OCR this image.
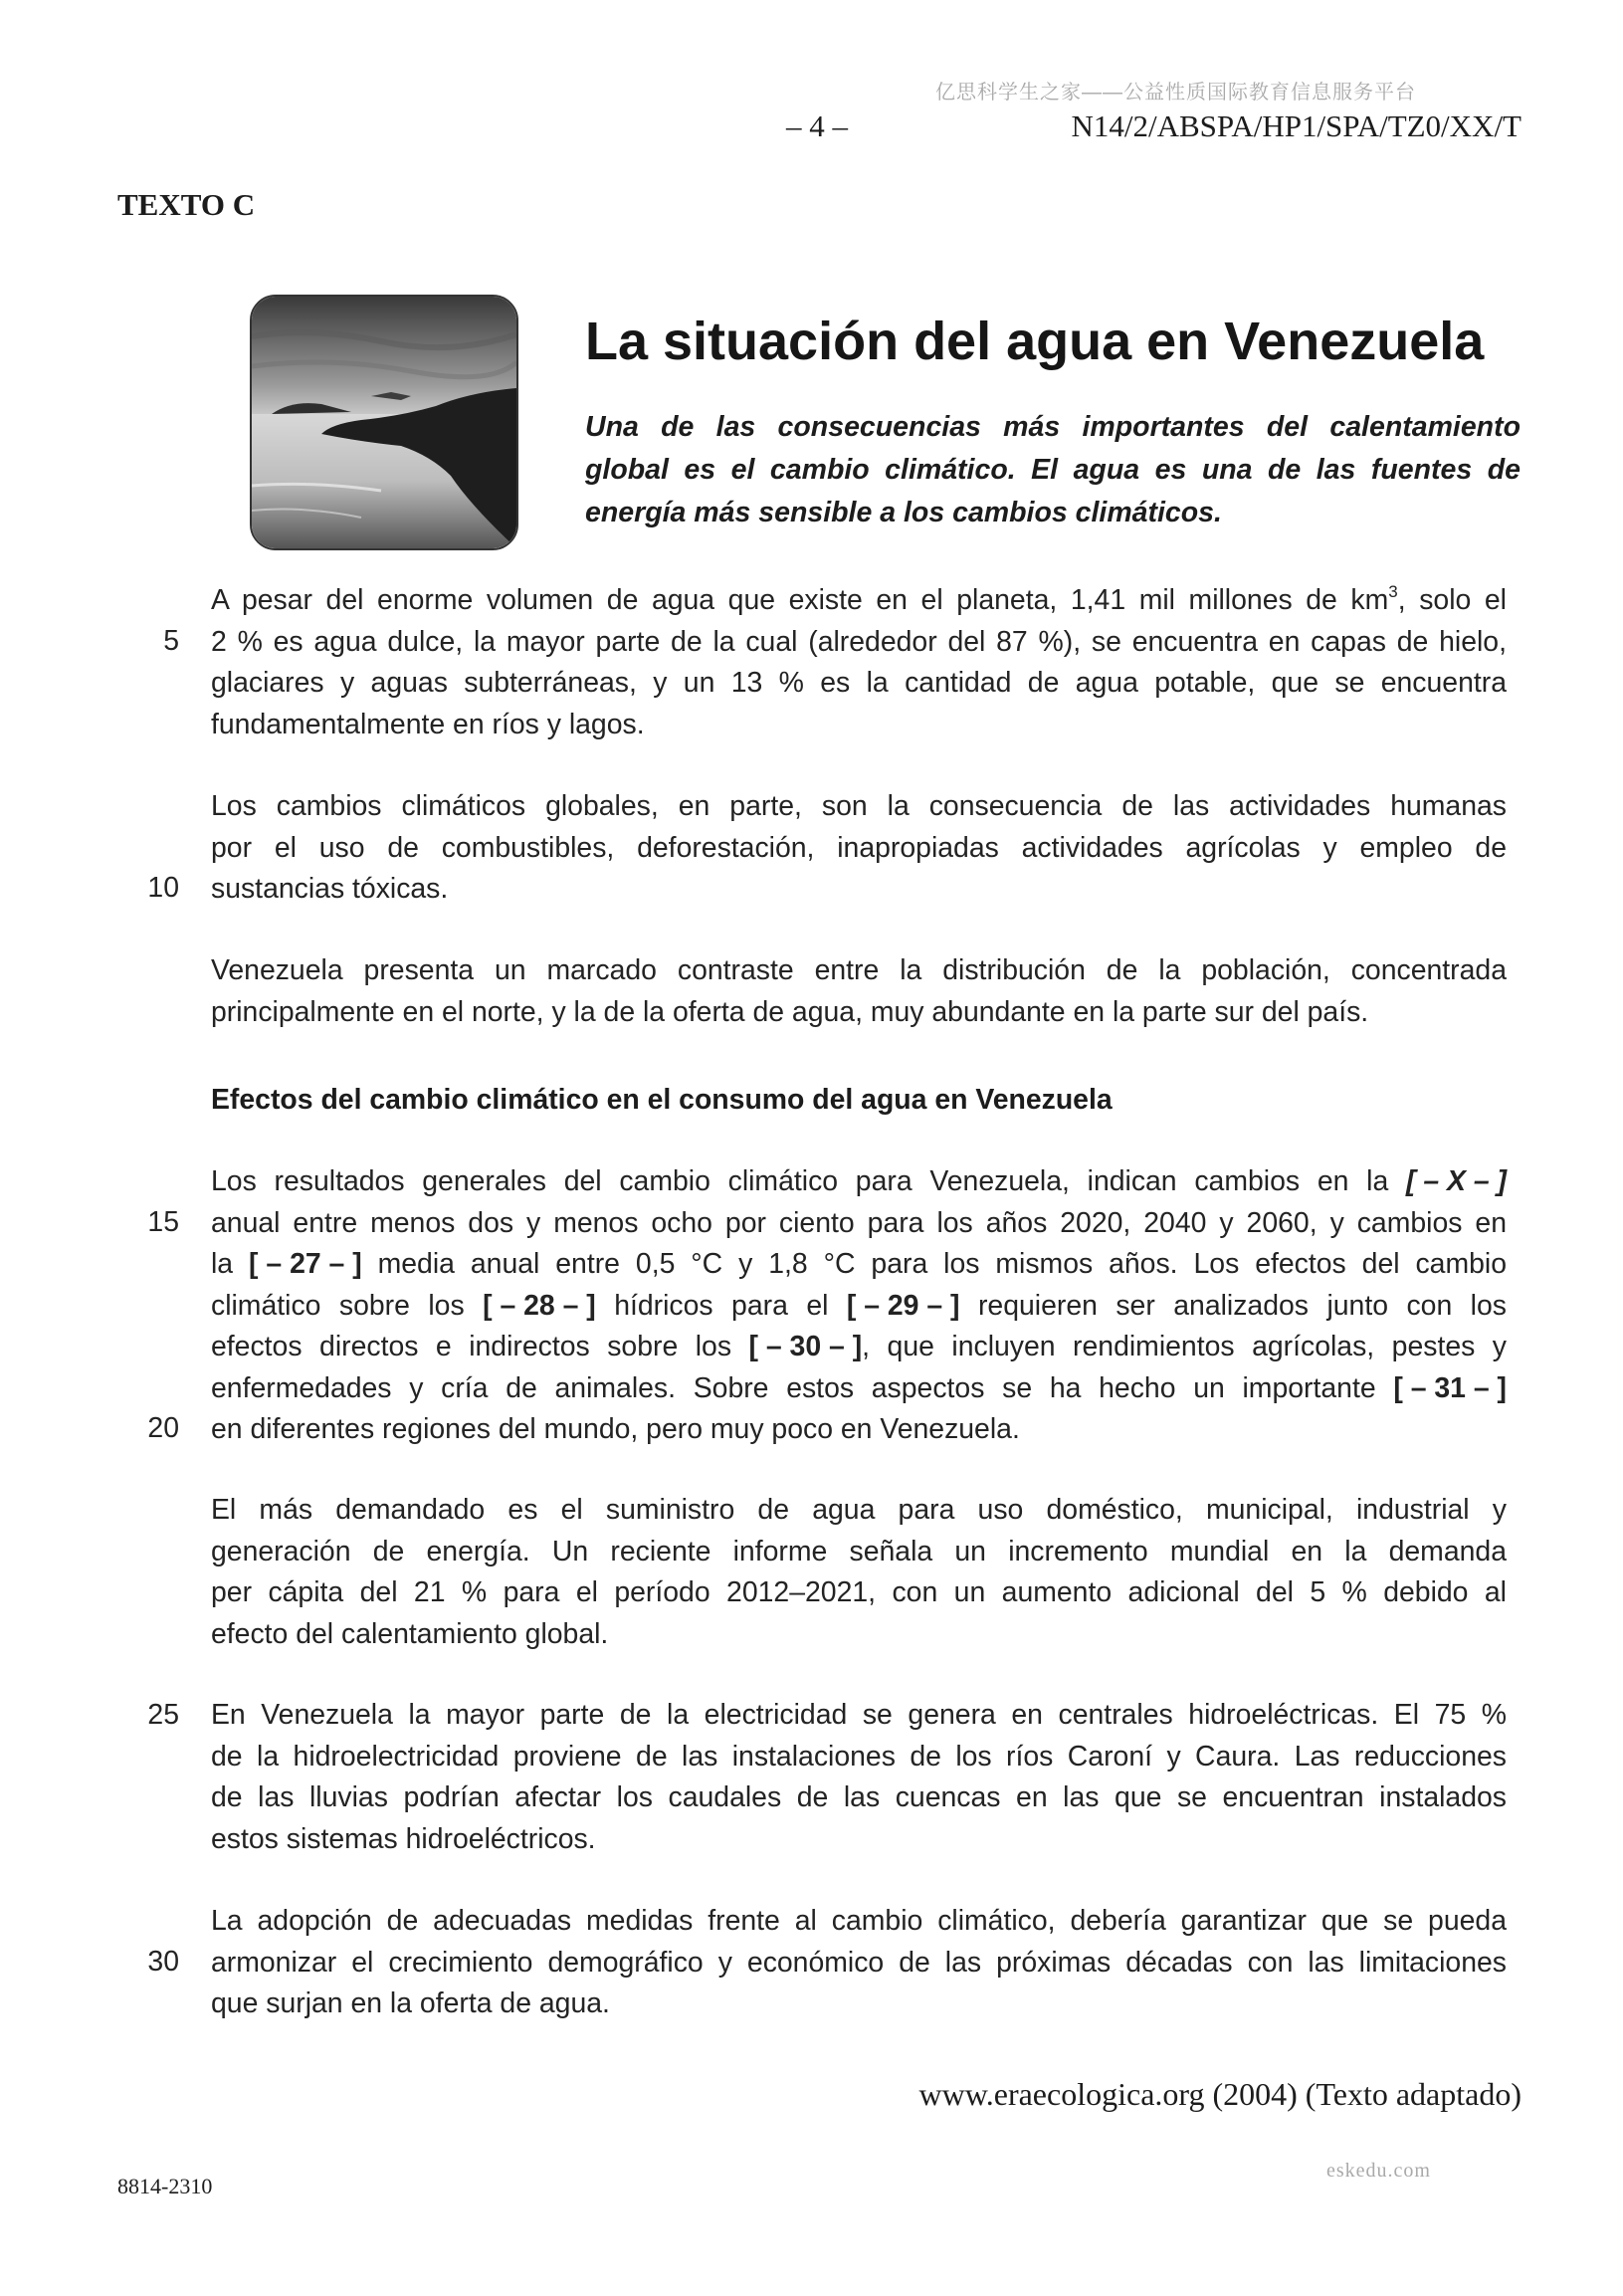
亿思科学生之家——公益性质国际教育信息服务平台
– 4 –	N14/2/ABSPA/HP1/SPA/TZ0/XX/T
TEXTO C
La situación del agua en Venezuela
Una de las consecuencias más importantes del calentamiento
global es el cambio climático. El agua es una de las fuentes de
energía más sensible a los cambios climáticos.
A pesar del enorme volumen de agua que existe en el planeta, 1,41 mil millones de $km^3$, solo el
2 % es agua dulce, la mayor parte de la cual (alrededor del 87 %), se encuentra en capas de hielo,
glaciares y aguas subterráneas, y un 13 % es la cantidad de agua potable, que se encuentra
fundamentalmente en ríos y lagos.
Los cambios climáticos globales, en parte, son la consecuencia de las actividades humanas
por el uso de combustibles, deforestación, inapropiadas actividades agrícolas y empleo de
sustancias tóxicas.
Venezuela presenta un marcado contraste entre la distribución de la población, concentrada
principalmente en el norte, y la de la oferta de agua, muy abundante en la parte sur del país.
Efectos del cambio climático en el consumo del agua en Venezuela
Los resultados generales del cambio climático para Venezuela, indican cambios en la [ – X – ]
anual entre menos dos y menos ocho por ciento para los años 2020, 2040 y 2060, y cambios en
la [ – 27 – ] media anual entre 0,5 °C y 1,8 °C para los mismos años. Los efectos del cambio
climático sobre los [ – 28 – ] hídricos para el [ – 29 – ] requieren ser analizados junto con los
efectos directos e indirectos sobre los [ – 30 – ], que incluyen rendimientos agrícolas, pestes y
enfermedades y cría de animales. Sobre estos aspectos se ha hecho un importante [ – 31 – ]
en diferentes regiones del mundo, pero muy poco en Venezuela.
El más demandado es el suministro de agua para uso doméstico, municipal, industrial y
generación de energía. Un reciente informe señala un incremento mundial en la demanda
per cápita del 21 % para el período 2012–2021, con un aumento adicional del 5 % debido al
efecto del calentamiento global.
En Venezuela la mayor parte de la electricidad se genera en centrales hidroeléctricas. El 75 %
de la hidroelectricidad proviene de las instalaciones de los ríos Caroní y Caura. Las reducciones
de las lluvias podrían afectar los caudales de las cuencas en las que se encuentran instalados
estos sistemas hidroeléctricos.
La adopción de adecuadas medidas frente al cambio climático, debería garantizar que se pueda
armonizar el crecimiento demográfico y económico de las próximas décadas con las limitaciones
que surjan en la oferta de agua.
5
10
15
20
25
30
www.eraecologica.org (2004) (Texto adaptado)
eskedu.com
8814-2310
